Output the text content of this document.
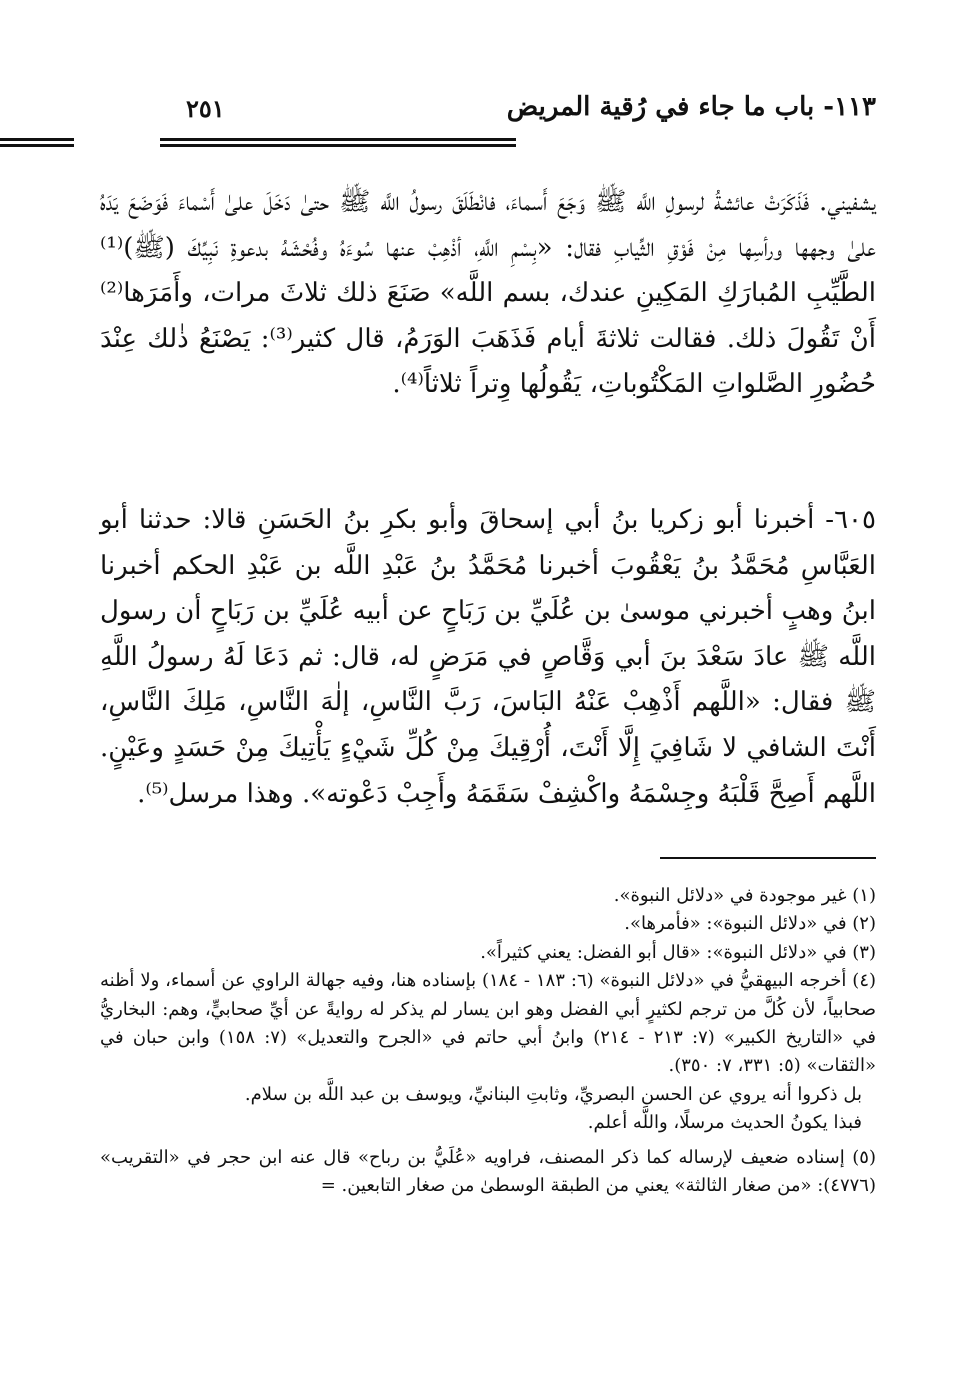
١١٣- باب ما جاء في رُقية المريض
٢٥١

يشفيني. فَذَكَرَتْ عائشةُ لرسولِ اللَّه ﷺ وَجَعَ أَسماءَ، فانْطَلَقَ رسولُ اللَّه ﷺ حتىٰ دَخَلَ علىٰ أَسْماءَ فَوَضَعَ يَدَهُ علىٰ وجهها ورأسِها مِنْ فَوْقِ الثِّيابِ فقال: «بِسْمِ اللَّهِ، أذْهِبْ عنها سُوءَهُ وفُحْشَهُ بدعوةِ نَبِيِّكَ (ﷺ)⁽¹⁾ الطَّيِّبِ المُبارَكِ المَكِينِ عندك، بسم اللَّه» صَنَعَ ذلك ثلاثَ مرات، وأَمَرَها⁽²⁾ أَنْ تَقُولَ ذلك. فقالت ثلاثةَ أيام فَذَهَبَ الوَرَمُ، قال كثير⁽³⁾: يَصْنَعُ ذٰلك عِنْدَ حُضُورِ الصَّلواتِ المَكْتُوباتِ، يَقُولُها وِتراً ثلاثاً⁽⁴⁾.

٦٠٥- أخبرنا أبو زكريا بنُ أبي إسحاقَ وأبو بكرِ بنُ الحَسَنِ قالا: حدثنا أبو العَبَّاسِ مُحَمَّدُ بنُ يَعْقُوبَ أخبرنا مُحَمَّدُ بنُ عَبْدِ اللَّه بن عَبْدِ الحكم أخبرنا ابنُ وهبٍ أخبرني موسىٰ بن عُلَيِّ بن رَبَاحٍ عن أبيه عُلَيِّ بن رَبَاحٍ أن رسول اللَّه ﷺ عادَ سَعْدَ بنَ أبي وَقَّاصٍ في مَرَضٍ له، قال: ثم دَعَا لَهُ رسولُ اللَّهِ ﷺ فقال: «اللَّهم أَذْهِبْ عَنْهُ البَاسَ، رَبَّ النَّاسِ، إلٰهَ النَّاسِ، مَلِكَ النَّاسِ، أَنْتَ الشافي لا شَافِيَ إِلَّا أَنْتَ، أُرْقِيكَ مِنْ كُلِّ شَيْءٍ يَأْتِيكَ مِنْ حَسَدٍ وعَيْنٍ. اللَّهم أَصِحَّ قَلْبَهُ وجِسْمَهُ واكْشِفْ سَقَمَهُ وأَجِبْ دَعْوته». وهذا مرسل⁽⁵⁾.

(١) غير موجودة في «دلائل النبوة».

(٢) في «دلائل النبوة»: «فأمرها».

(٣) في «دلائل النبوة»: «قال أبو الفضل: يعني كثيراً».

(٤) أخرجه البيهقيُّ في «دلائل النبوة» (٦: ١٨٣ - ١٨٤) بإسناده هنا، وفيه جهالة الراوي عن أسماء، ولا أظنه صحابياً، لأن كُلَّ من ترجم لكثيرٍ أبي الفضل وهو ابن يسار لم يذكر له روايةً عن أيِّ صحابيٍّ، وهم: البخاريُّ في «التاريخ الكبير» (٧: ٢١٣ - ٢١٤) وابنُ أبي حاتم في «الجرح والتعديل» (٧: ١٥٨) وابن حبان في «الثقات» (٥: ٣٣١، ٧: ٣٥٠).

بل ذكروا أنه يروي عن الحسن البصريِّ، وثابتِ البنانيِّ، ويوسف بن عبد اللَّه بن سلام.

فبذا يكونُ الحديث مرسلًا، واللَّه أعلم.

(٥) إسناده ضعيف لإرساله كما ذكر المصنف، فراويه «عُلَيُّ بن رباح» قال عنه ابن حجر في «التقريب» (٤٧٧٦): «من صغار الثالثة» يعني من الطبقة الوسطىٰ من صغار التابعين. =
